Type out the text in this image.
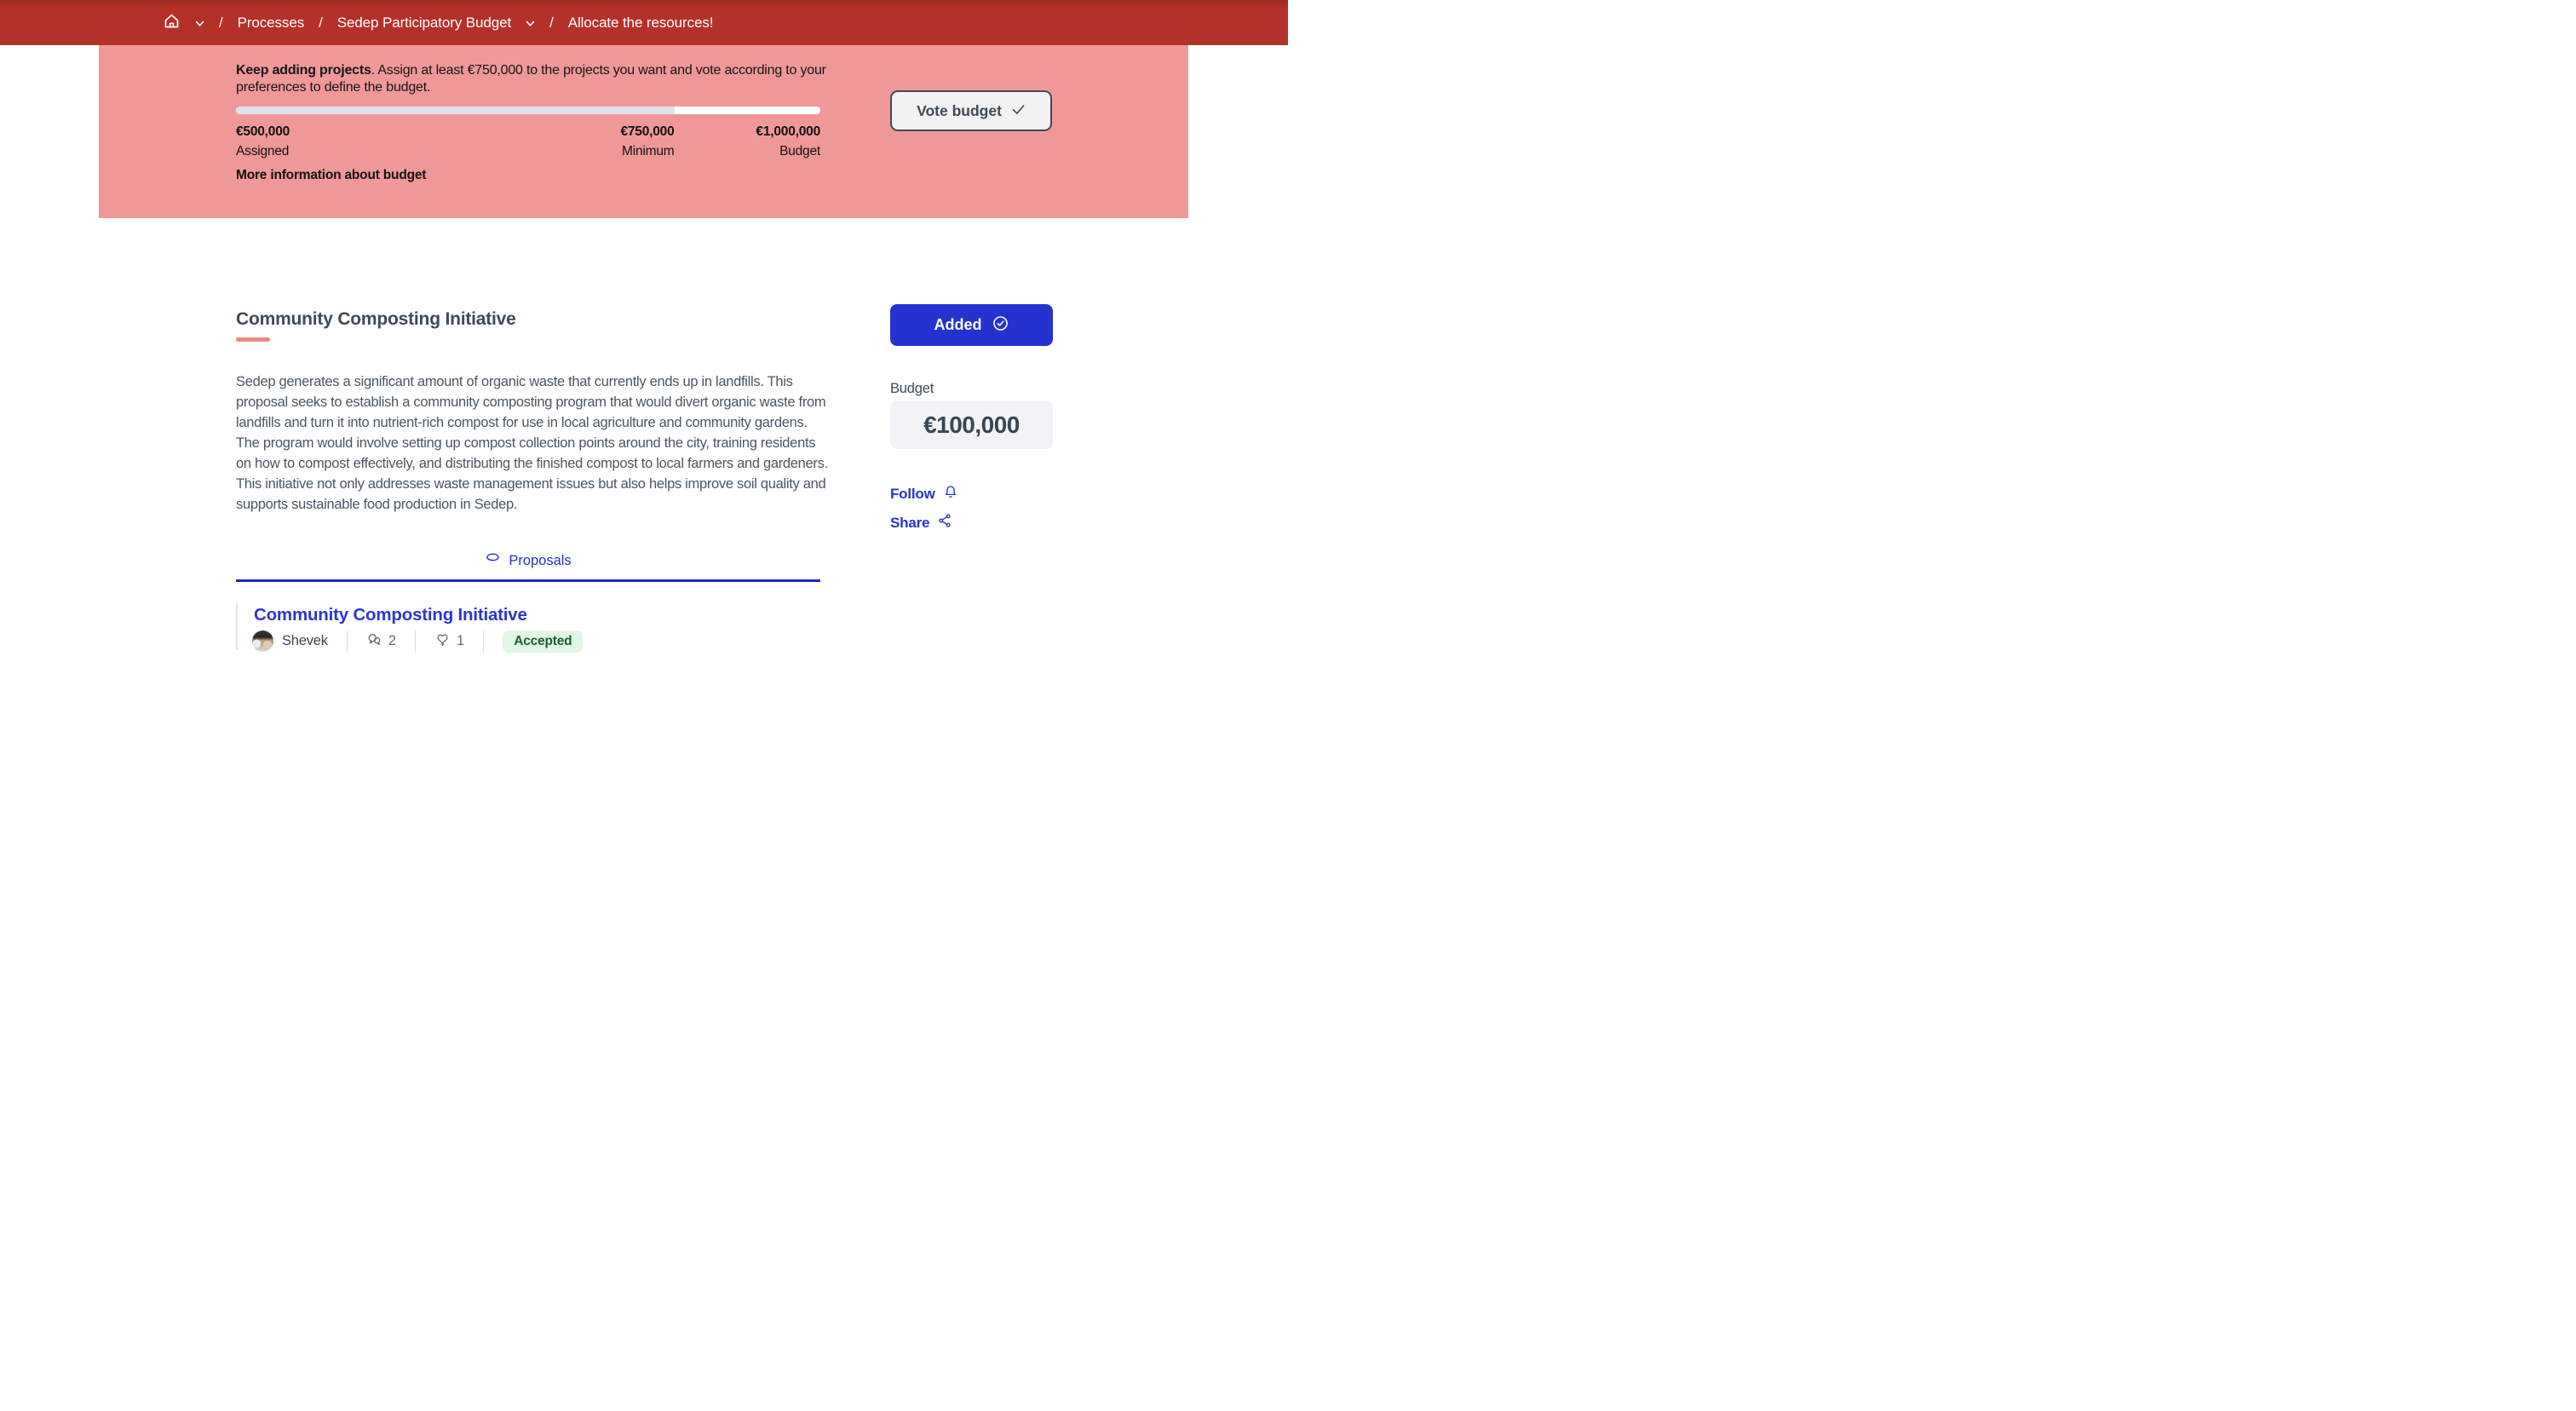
/ Processes / Sedep Participatory Budget	/ Allocate the resources!
Keep adding projects. Assign at least €750,000 to the projects you want and vote according to your preferences to define the budget.
€500,000
Assigned
€750,000
Minimum
€1,000,000
Budget
More information about budget
Vote budget
Community Composting Initiative
Sedep generates a significant amount of organic waste that currently ends up in landfills. This proposal seeks to establish a community composting program that would divert organic waste from landfills and turn it into nutrient-rich compost for use in local agriculture and community gardens. The program would involve setting up compost collection points around the city, training residents on how to compost effectively, and distributing the finished compost to local farmers and gardeners. This initiative not only addresses waste management issues but also helps improve soil quality and supports sustainable food production in Sedep.
Proposals
Community Composting Initiative
Shevek	2	1	Accepted
Added
Budget
€100,000
Follow
Share
